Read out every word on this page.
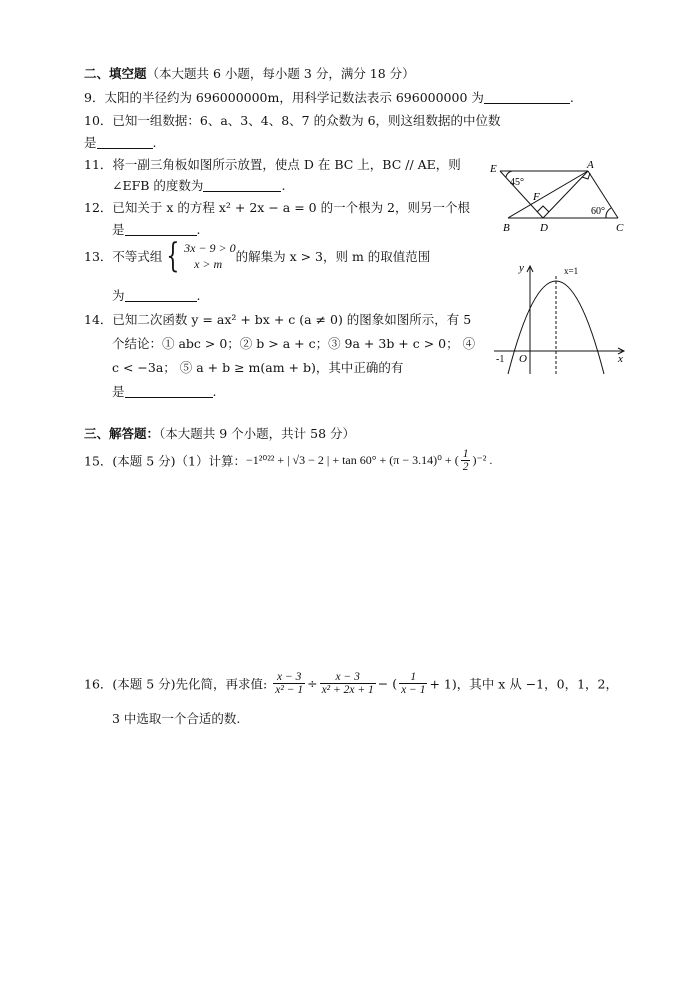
二、填空题（本大题共 6 小题，每小题 3 分，满分 18 分）
9．太阳的半径约为 696000000m，用科学记数法表示 696000000 为	.
10．已知一组数据：6、a、3、4、8、7 的众数为 6，则这组数据的中位数
是	.
11．将一副三角板如图所示放置，使点 D 在 BC 上，BC // AE，则
∠EFB 的度数为	.
12．已知关于 x 的方程 x² + 2x − a = 0 的一个根为 2，则另一个根
是	.
13．不等式组 { 3x − 9 > 0
x > m	的解集为 x > 3，则 m 的取值范围
为	.
14．已知二次函数 y = ax² + bx + c (a ≠ 0) 的图象如图所示，有 5
个结论：① abc > 0；② b > a + c；③ 9a + 3b + c > 0； ④
c < −3a； ⑤ a + b ≥ m(am + b)，其中正确的有
是	.
E	A
F
B	D	C
45°
60°
y
x
O
-1
x=1
三、解答题：（本大题共 9 个小题，共计 58 分）
15．(本题 5 分)（1）计算：−1²⁰²² + | √3 − 2 | + tan 60° + (π − 3.14)⁰ + ( $\frac{1}{2} )^{-2}$ .
16．(本题 5 分)先化简，再求值: $\frac{x - 3}{\text{x² − 1}} \div \frac{x - 3}{\text{x² + 2x + 1}}$ − ( $\frac{1}{x - 1} + 1$)，其中 x 从 −1，0，1，2，
3 中选取一个合适的数.
